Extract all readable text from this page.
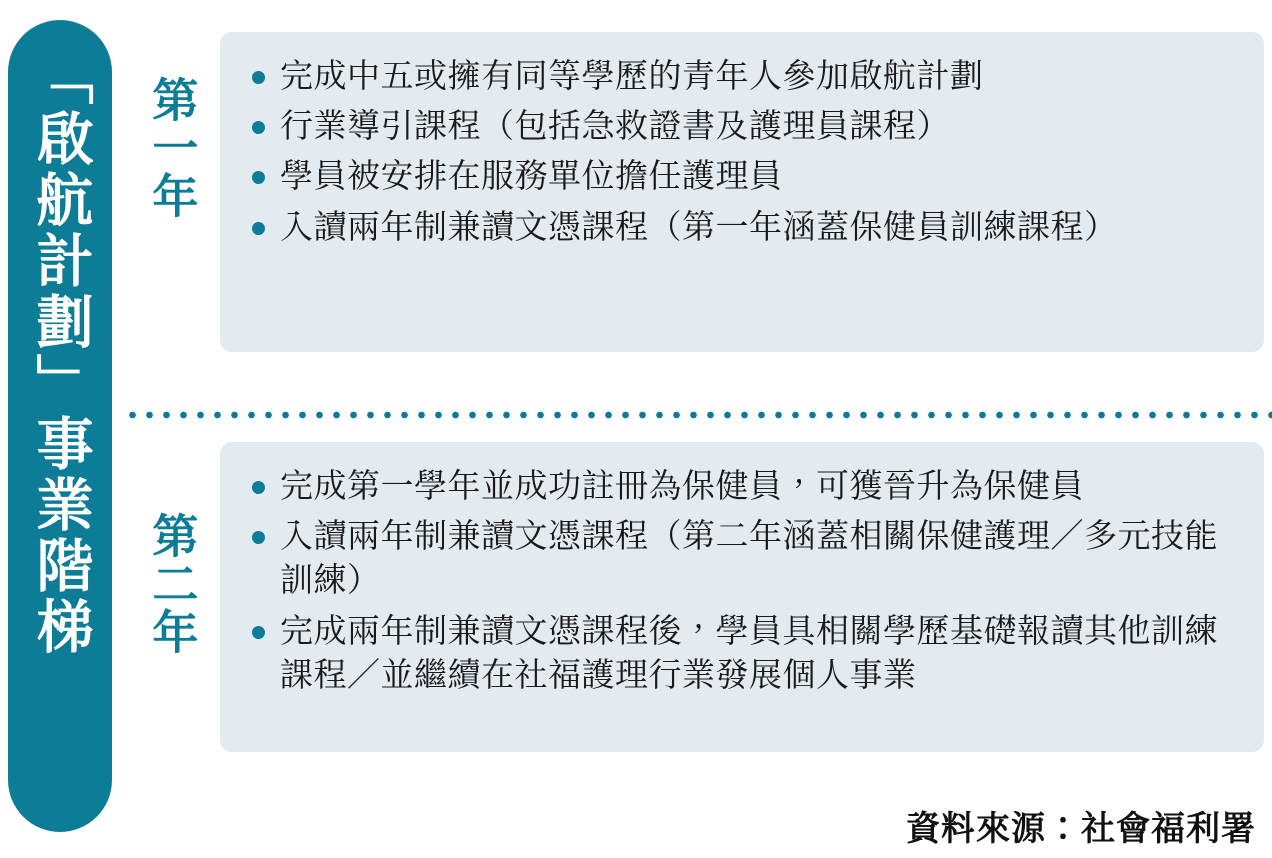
「啟航計劃」事業階梯 第一年
完成中五或擁有同等學歷的青年人參加啟航計劃
行業導引課程（包括急救證書及護理員課程）
學員被安排在服務單位擔任護理員
入讀兩年制兼讀文憑課程（第一年涵蓋保健員訓練課程）
第二年
完成第一學年並成功註冊為保健員，可獲晉升為保健員
入讀兩年制兼讀文憑課程（第二年涵蓋相關保健護理／多元技能訓練）
完成兩年制兼讀文憑課程後，學員具相關學歷基礎報讀其他訓練課程／並繼續在社福護理行業發展個人事業
資料來源：社會福利署
